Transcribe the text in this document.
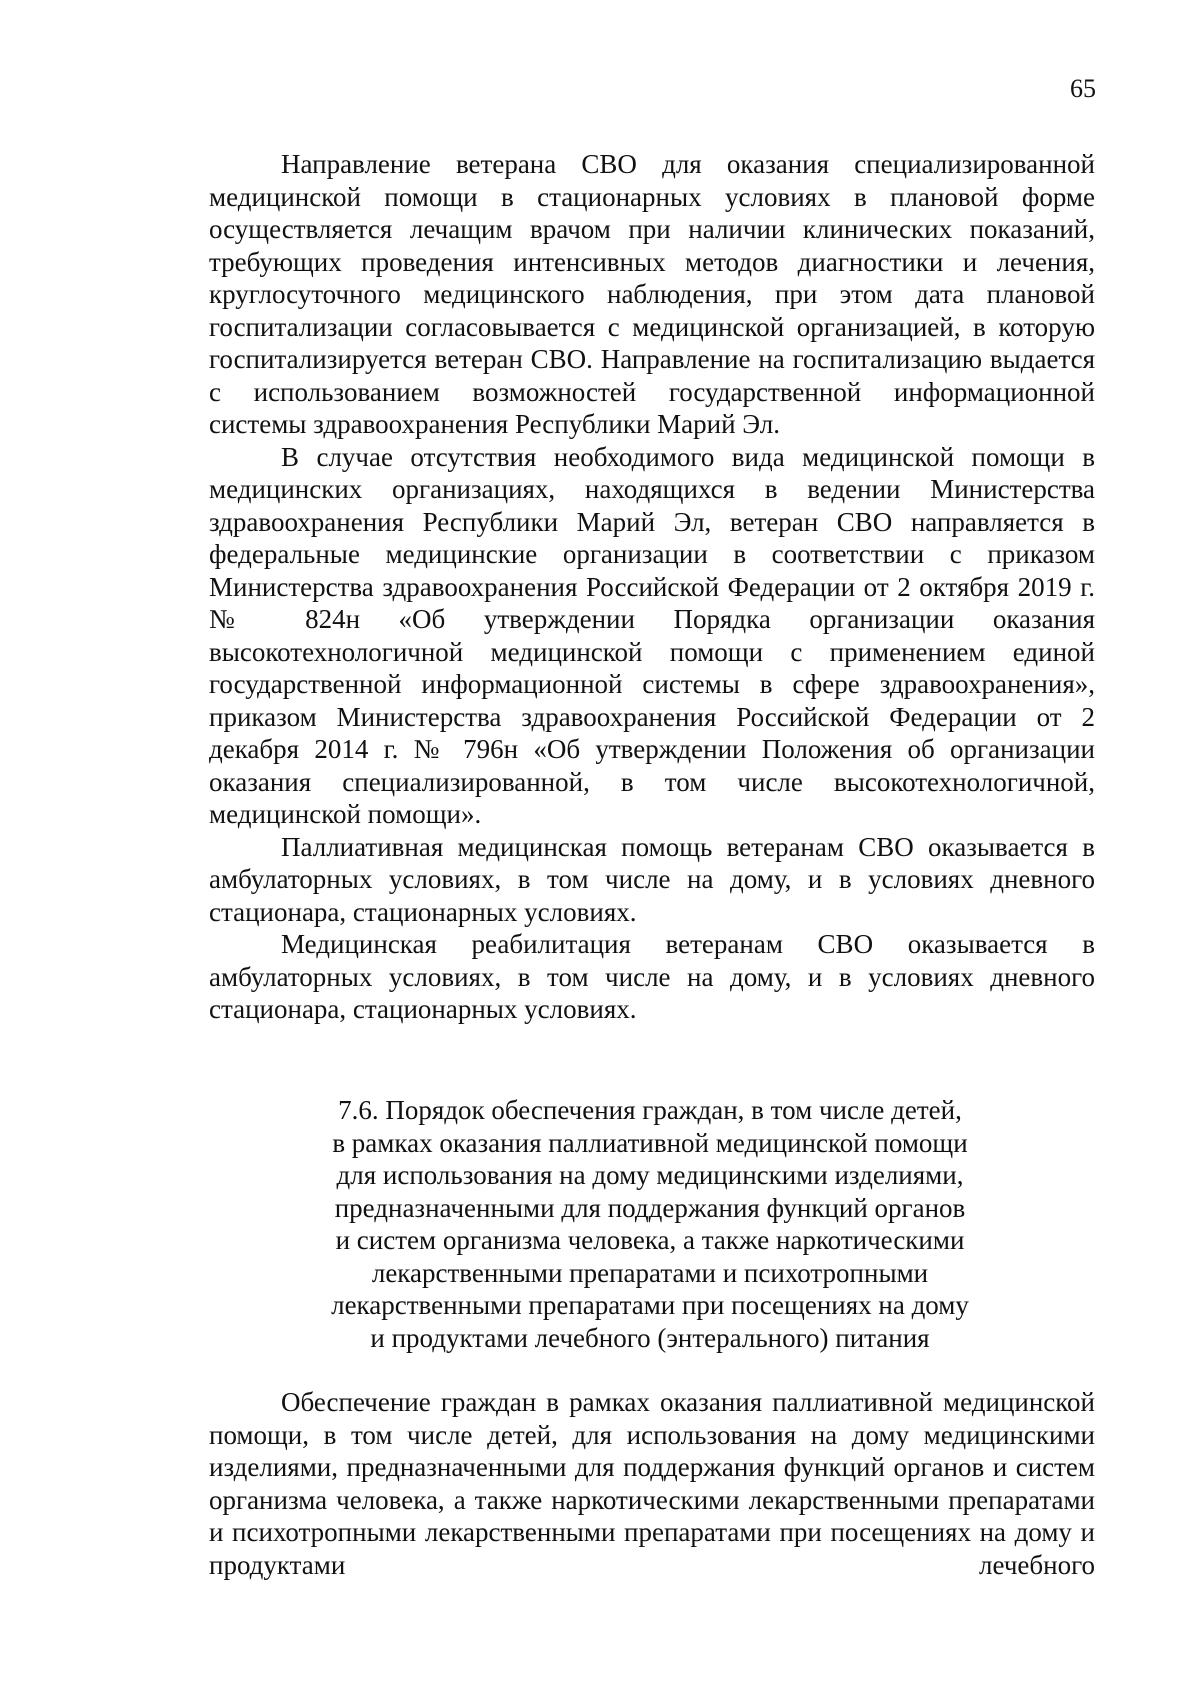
65

Направление ветерана СВО для оказания специализированной медицинской помощи в стационарных условиях в плановой форме осуществляется лечащим врачом при наличии клинических показаний, требующих проведения интенсивных методов диагностики и лечения, круглосуточного медицинского наблюдения, при этом дата плановой госпитализации согласовывается с медицинской организацией, в которую госпитализируется ветеран СВО. Направление на госпитализацию выдается с использованием возможностей государственной информационной системы здравоохранения Республики Марий Эл.

В случае отсутствия необходимого вида медицинской помощи в медицинских организациях, находящихся в ведении Министерства здравоохранения Республики Марий Эл, ветеран СВО направляется в федеральные медицинские организации в соответствии с приказом Министерства здравоохранения Российской Федерации от 2 октября 2019 г. № 824н «Об утверждении Порядка организации оказания высокотехнологичной медицинской помощи с применением единой государственной информационной системы в сфере здравоохранения», приказом Министерства здравоохранения Российской Федерации от 2 декабря 2014 г. № 796н «Об утверждении Положения об организации оказания специализированной, в том числе высокотехнологичной, медицинской помощи».

Паллиативная медицинская помощь ветеранам СВО оказывается в амбулаторных условиях, в том числе на дому, и в условиях дневного стационара, стационарных условиях.

Медицинская реабилитация ветеранам СВО оказывается в амбулаторных условиях, в том числе на дому, и в условиях дневного стационара, стационарных условиях.

7.6. Порядок обеспечения граждан, в том числе детей,
в рамках оказания паллиативной медицинской помощи
для использования на дому медицинскими изделиями,
предназначенными для поддержания функций органов
и систем организма человека, а также наркотическими
лекарственными препаратами и психотропными
лекарственными препаратами при посещениях на дому
и продуктами лечебного (энтерального) питания

Обеспечение граждан в рамках оказания паллиативной медицинской помощи, в том числе детей, для использования на дому медицинскими изделиями, предназначенными для поддержания функций органов и систем организма человека, а также наркотическими лекарственными препаратами и психотропными лекарственными препаратами при посещениях на дому и продуктами лечебного
